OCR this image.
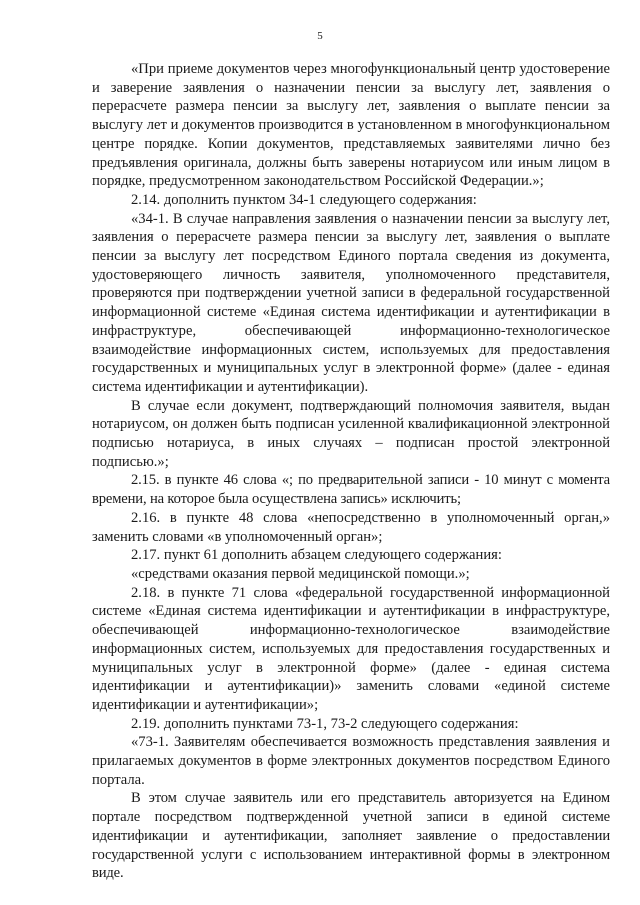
5

«При приеме документов через многофункциональный центр удостоверение и заверение заявления о назначении пенсии за выслугу лет, заявления о перерасчете размера пенсии за выслугу лет, заявления о выплате пенсии за выслугу лет и документов производится в установленном в многофункциональном центре порядке. Копии документов, представляемых заявителями лично без предъявления оригинала, должны быть заверены нотариусом или иным лицом в порядке, предусмотренном законодательством Российской Федерации.»;

2.14. дополнить пунктом 34-1 следующего содержания:

«34-1. В случае направления заявления о назначении пенсии за выслугу лет, заявления о перерасчете размера пенсии за выслугу лет, заявления о выплате пенсии за выслугу лет посредством Единого портала сведения из документа, удостоверяющего личность заявителя, уполномоченного представителя, проверяются при подтверждении учетной записи в федеральной государственной информационной системе «Единая система идентификации и аутентификации в инфраструктуре, обеспечивающей информационно-технологическое взаимодействие информационных систем, используемых для предоставления государственных и муниципальных услуг в электронной форме» (далее - единая система идентификации и аутентификации).

В случае если документ, подтверждающий полномочия заявителя, выдан нотариусом, он должен быть подписан усиленной квалификационной электронной подписью нотариуса, в иных случаях – подписан простой электронной подписью.»;

2.15. в пункте 46 слова «; по предварительной записи - 10 минут с момента времени, на которое была осуществлена запись» исключить;

2.16. в пункте 48 слова «непосредственно в уполномоченный орган,» заменить словами «в уполномоченный орган»;

2.17. пункт 61 дополнить абзацем следующего содержания:

«средствами оказания первой медицинской помощи.»;

2.18. в пункте 71 слова «федеральной государственной информационной системе «Единая система идентификации и аутентификации в инфраструктуре, обеспечивающей информационно-технологическое взаимодействие информационных систем, используемых для предоставления государственных и муниципальных услуг в электронной форме» (далее - единая система идентификации и аутентификации)» заменить словами «единой системе идентификации и аутентификации»;

2.19. дополнить пунктами 73-1, 73-2 следующего содержания:

«73-1. Заявителям обеспечивается возможность представления заявления и прилагаемых документов в форме электронных документов посредством Единого портала.

В этом случае заявитель или его представитель авторизуется на Едином портале посредством подтвержденной учетной записи в единой системе идентификации и аутентификации, заполняет заявление о предоставлении государственной услуги с использованием интерактивной формы в электронном виде.
